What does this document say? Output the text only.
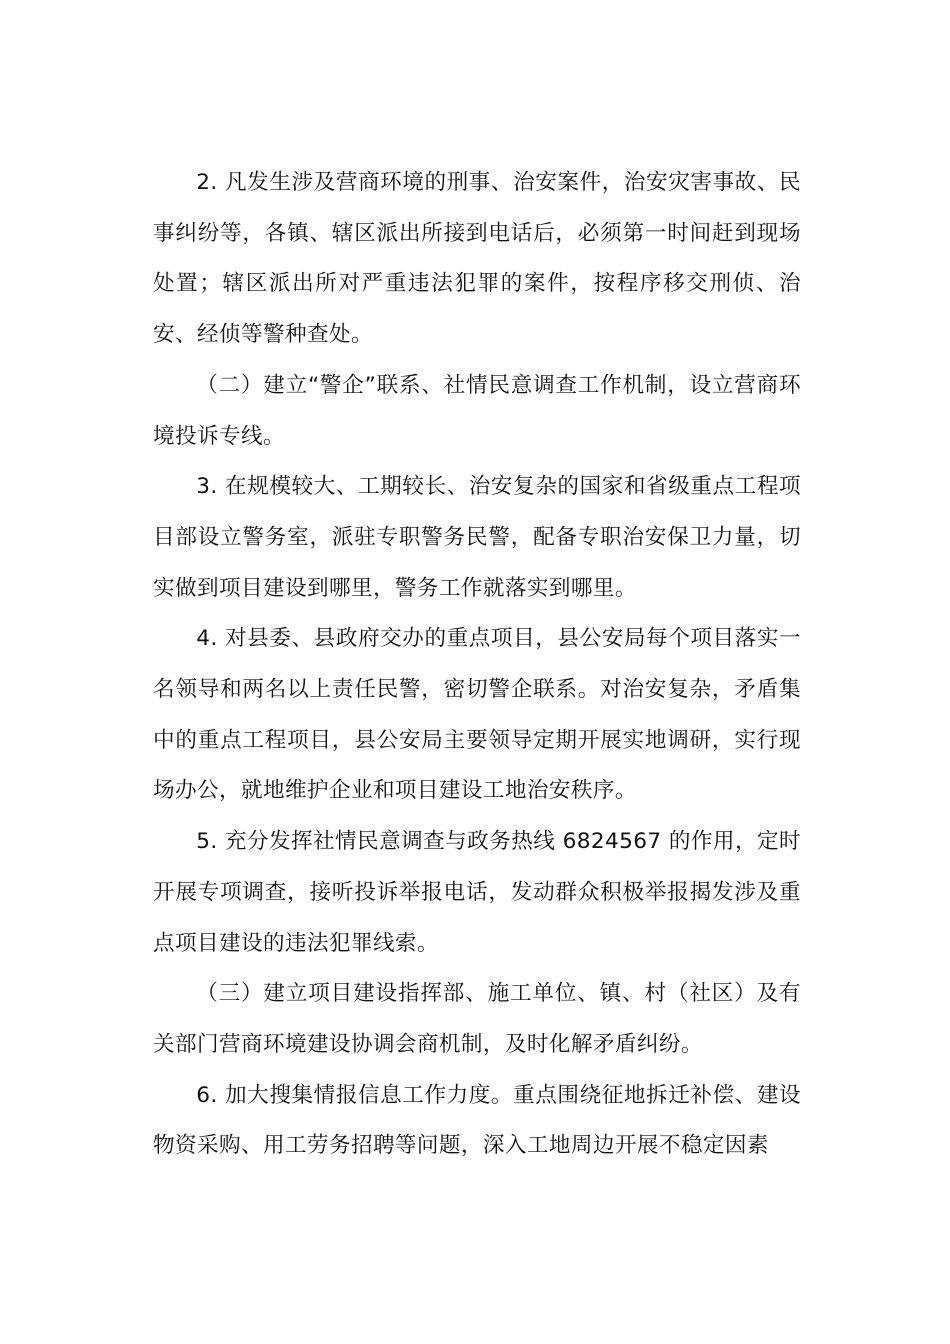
2. 凡发生涉及营商环境的刑事、治安案件，治安灾害事故、民事纠纷等，各镇、辖区派出所接到电话后，必须第一时间赶到现场处置；辖区派出所对严重违法犯罪的案件，按程序移交刑侦、治安、经侦等警种查处。

（二）建立“警企”联系、社情民意调查工作机制，设立营商环境投诉专线。

3. 在规模较大、工期较长、治安复杂的国家和省级重点工程项目部设立警务室，派驻专职警务民警，配备专职治安保卫力量，切实做到项目建设到哪里，警务工作就落实到哪里。

4. 对县委、县政府交办的重点项目，县公安局每个项目落实一名领导和两名以上责任民警，密切警企联系。对治安复杂，矛盾集中的重点工程项目，县公安局主要领导定期开展实地调研，实行现场办公，就地维护企业和项目建设工地治安秩序。

5. 充分发挥社情民意调查与政务热线 6824567 的作用，定时开展专项调查，接听投诉举报电话，发动群众积极举报揭发涉及重点项目建设的违法犯罪线索。

（三）建立项目建设指挥部、施工单位、镇、村（社区）及有关部门营商环境建设协调会商机制，及时化解矛盾纠纷。

6. 加大搜集情报信息工作力度。重点围绕征地拆迁补偿、建设物资采购、用工劳务招聘等问题，深入工地周边开展不稳定因素
